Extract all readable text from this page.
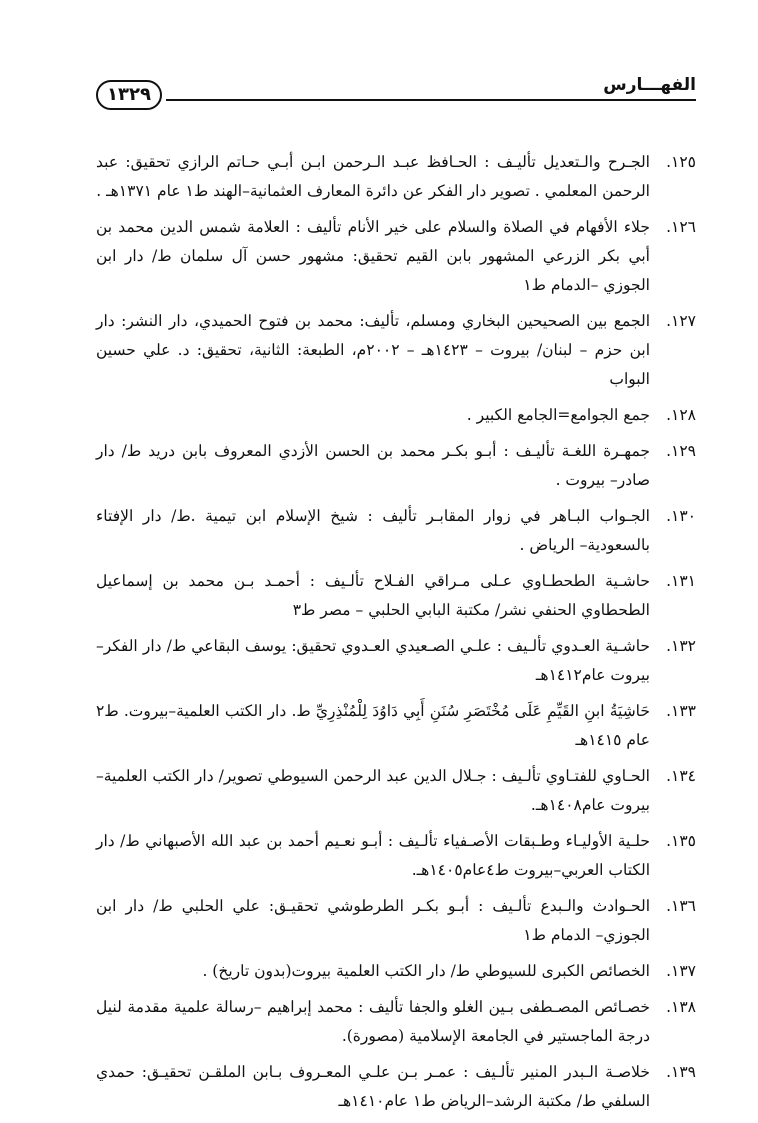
الفهـــارس
١٣٢٩
١٢٥.
الجـرح والـتعديل تأليـف : الحـافظ عبـد الـرحمن ابـن أبـي حـاتم الرازي تحقيق: عبد الرحمن المعلمي . تصوير دار الفكر عن دائرة المعارف العثمانية–الهند ط١ عام ١٣٧١هـ .
١٢٦.
جلاء الأفهام في الصلاة والسلام على خير الأنام تأليف : العلامة شمس الدين محمد بن أبي بكر الزرعي المشهور بابن القيم تحقيق: مشهور حسن آل سلمان ط/ دار ابن الجوزي –الدمام ط١
١٢٧.
الجمع بين الصحيحين البخاري ومسلم، تأليف: محمد بن فتوح الحميدي، دار النشر: دار ابن حزم – لبنان/ بيروت – ١٤٢٣هـ – ٢٠٠٢م، الطبعة: الثانية، تحقيق: د. علي حسين البواب
١٢٨.
جمع الجوامع=الجامع الكبير .
١٢٩.
جمهـرة اللغـة تأليـف : أبـو بكـر محمد بن الحسن الأزدي المعروف بابن دريد ط/ دار صادر– بيروت .
١٣٠.
الجـواب البـاهر في زوار المقابـر تأليف : شيخ الإسلام ابن تيمية .ط/ دار الإفتاء بالسعودية– الرياض .
١٣١.
حاشـية الطحطـاوي عـلى مـراقي الفـلاح تألـيف : أحمـد بـن محمد بن إسماعيل الطحطاوي الحنفي نشر/ مكتبة البابي الحلبي – مصر ط٣
١٣٢.
حاشـية العـدوي تألـيف : علـي الصـعيدي العـدوي تحقيق: يوسف البقاعي ط/ دار الفكر– بيروت عام١٤١٢هـ
١٣٣.
حَاشِيَةُ ابنِ القَيِّمِ عَلَى مُخْتَصَرِ سُنَنِ أَبِي دَاوُدَ لِلْمُنْذِرِيِّ ط. دار الكتب العلمية–بيروت. ط٢ عام ١٤١٥هـ
١٣٤.
الحـاوي للفتـاوي تألـيف : جـلال الدين عبد الرحمن السيوطي تصوير/ دار الكتب العلمية– بيروت عام١٤٠٨هـ.
١٣٥.
حلـية الأوليـاء وطـبقات الأصـفياء تألـيف : أبـو نعـيم أحمد بن عبد الله الأصبهاني ط/ دار الكتاب العربي–بيروت ط٤عام١٤٠٥هـ.
١٣٦.
الحـوادث والـبدع تألـيف : أبـو بكـر الطرطوشي تحقيـق: علي الحلبي ط/ دار ابن الجوزي– الدمام ط١
١٣٧.
الخصائص الكبرى للسيوطي ط/ دار الكتب العلمية بيروت(بدون تاريخ) .
١٣٨.
خصـائص المصـطفى بـين الغلو والجفا تأليف : محمد إبراهيم –رسالة علمية مقدمة لنيل درجة الماجستير في الجامعة الإسلامية (مصورة).
١٣٩.
خلاصـة الـبدر المنير تألـيف : عمـر بـن علـي المعـروف بـابن الملقـن تحقيـق: حمدي السلفي ط/ مكتبة الرشد–الرياض ط١ عام١٤١٠هـ
